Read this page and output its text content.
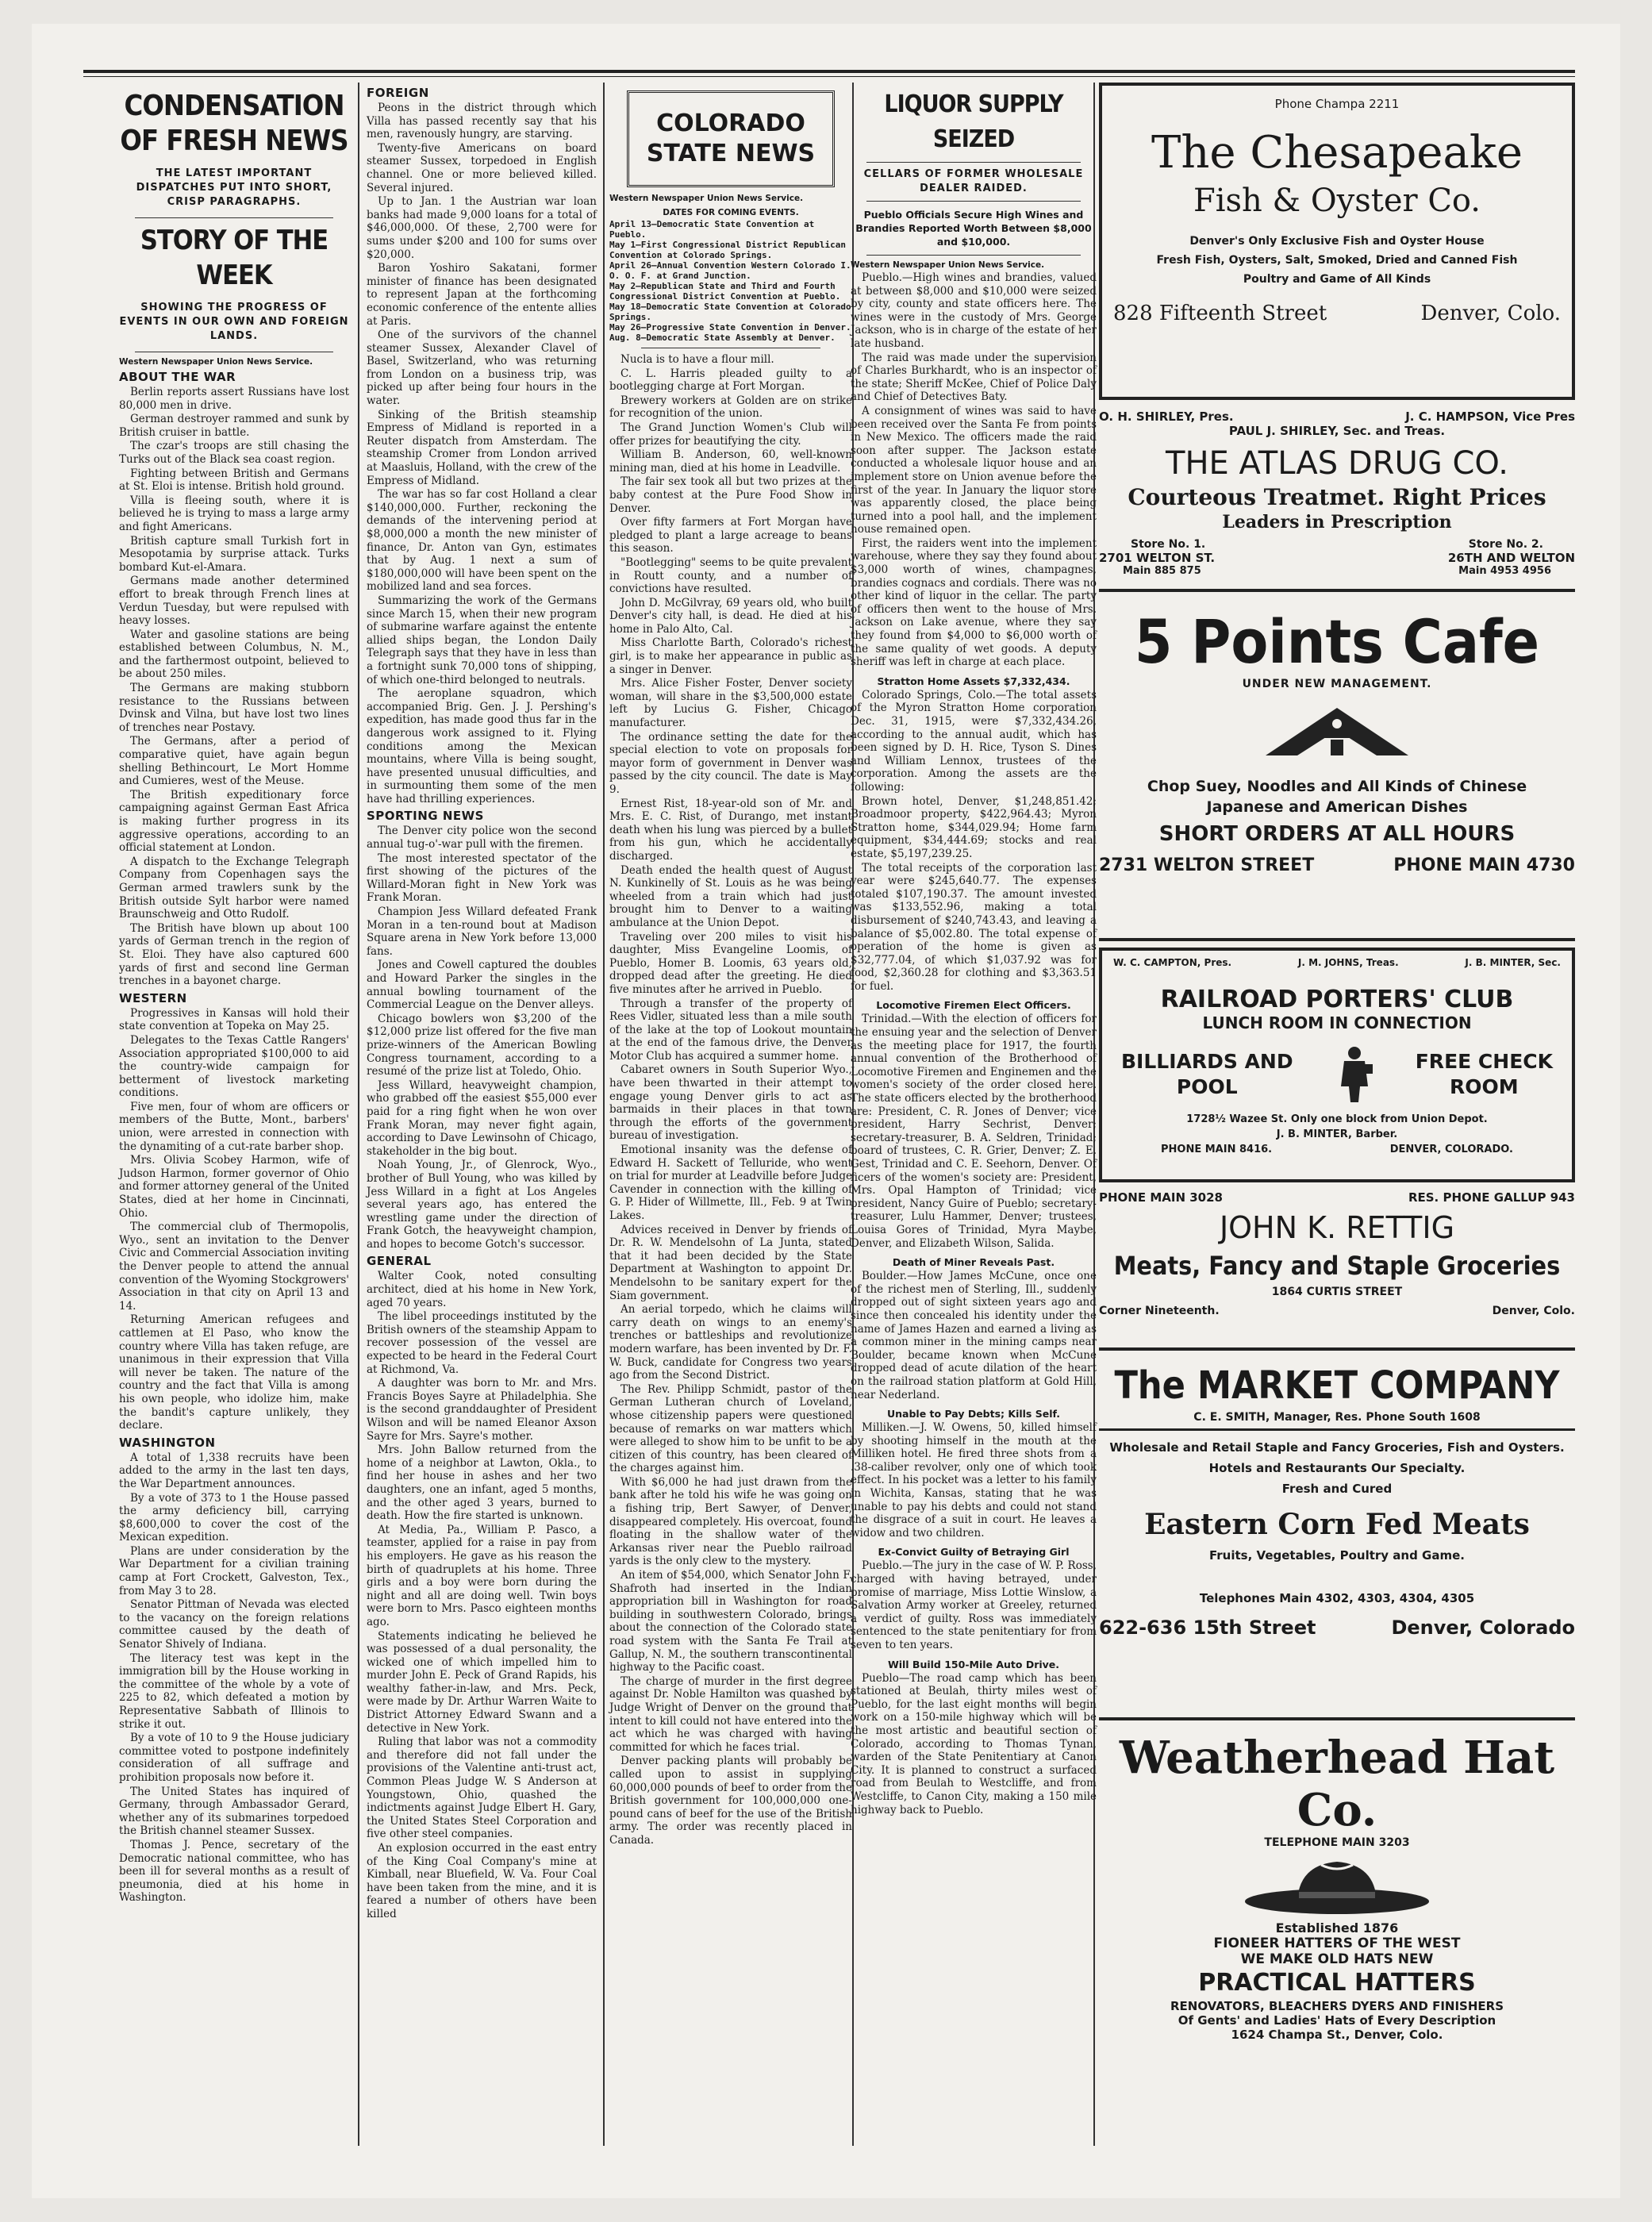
CONDENSATION OF FRESH NEWS
THE LATEST IMPORTANT DISPATCHES PUT INTO SHORT, CRISP PARAGRAPHS.
STORY OF THE WEEK
SHOWING THE PROGRESS OF EVENTS IN OUR OWN AND FOREIGN LANDS.
Western Newspaper Union News Service.
ABOUT THE WAR

Berlin reports assert Russians have lost 80,000 men in drive.

German destroyer rammed and sunk by British cruiser in battle.

The czar's troops are still chasing the Turks out of the Black sea coast region.

Fighting between British and Germans at St. Eloi is intense. British hold ground.

Villa is fleeing south, where it is believed he is trying to mass a large army and fight Americans.

British capture small Turkish fort in Mesopotamia by surprise attack. Turks bombard Kut-el-Amara.

Germans made another determined effort to break through French lines at Verdun Tuesday, but were repulsed with heavy losses.

Water and gasoline stations are being established between Columbus, N. M., and the farthermost outpoint, believed to be about 250 miles.

The Germans are making stubborn resistance to the Russians between Dvinsk and Vilna, but have lost two lines of trenches near Postavy.

The Germans, after a period of comparative quiet, have again begun shelling Bethincourt, Le Mort Homme and Cumieres, west of the Meuse.

The British expeditionary force campaigning against German East Africa is making further progress in its aggressive operations, according to an official statement at London.

A dispatch to the Exchange Telegraph Company from Copenhagen says the German armed trawlers sunk by the British outside Sylt harbor were named Braunschweig and Otto Rudolf.

The British have blown up about 100 yards of German trench in the region of St. Eloi. They have also captured 600 yards of first and second line German trenches in a bayonet charge.

WESTERN

Progressives in Kansas will hold their state convention at Topeka on May 25.

Delegates to the Texas Cattle Rangers' Association appropriated $100,000 to aid the country-wide campaign for betterment of livestock marketing conditions.

Five men, four of whom are officers or members of the Butte, Mont., barbers' union, were arrested in connection with the dynamiting of a cut-rate barber shop.

Mrs. Olivia Scobey Harmon, wife of Judson Harmon, former governor of Ohio and former attorney general of the United States, died at her home in Cincinnati, Ohio.

The commercial club of Thermopolis, Wyo., sent an invitation to the Denver Civic and Commercial Association inviting the Denver people to attend the annual convention of the Wyoming Stockgrowers' Association in that city on April 13 and 14.

Returning American refugees and cattlemen at El Paso, who know the country where Villa has taken refuge, are unanimous in their expression that Villa will never be taken. The nature of the country and the fact that Villa is among his own people, who idolize him, make the bandit's capture unlikely, they declare.

WASHINGTON

A total of 1,338 recruits have been added to the army in the last ten days, the War Department announces.

By a vote of 373 to 1 the House passed the army deficiency bill, carrying $8,600,000 to cover the cost of the Mexican expedition.

Plans are under consideration by the War Department for a civilian training camp at Fort Crockett, Galveston, Tex., from May 3 to 28.

Senator Pittman of Nevada was elected to the vacancy on the foreign relations committee caused by the death of Senator Shively of Indiana.

The literacy test was kept in the immigration bill by the House working in the committee of the whole by a vote of 225 to 82, which defeated a motion by Representative Sabbath of Illinois to strike it out.

By a vote of 10 to 9 the House judiciary committee voted to postpone indefinitely consideration of all suffrage and prohibition proposals now before it.

The United States has inquired of Germany, through Ambassador Gerard, whether any of its submarines torpedoed the British channel steamer Sussex.

Thomas J. Pence, secretary of the Democratic national committee, who has been ill for several months as a result of pneumonia, died at his home in Washington.

FOREIGN

Peons in the district through which Villa has passed recently say that his men, ravenously hungry, are starving.

Twenty-five Americans on board steamer Sussex, torpedoed in English channel. One or more believed killed. Several injured.

Up to Jan. 1 the Austrian war loan banks had made 9,000 loans for a total of $46,000,000. Of these, 2,700 were for sums under $200 and 100 for sums over $20,000.

Baron Yoshiro Sakatani, former minister of finance has been designated to represent Japan at the forthcoming economic conference of the entente allies at Paris.

One of the survivors of the channel steamer Sussex, Alexander Clavel of Basel, Switzerland, who was returning from London on a business trip, was picked up after being four hours in the water.

Sinking of the British steamship Empress of Midland is reported in a Reuter dispatch from Amsterdam. The steamship Cromer from London arrived at Maasluis, Holland, with the crew of the Empress of Midland.

The war has so far cost Holland a clear $140,000,000. Further, reckoning the demands of the intervening period at $8,000,000 a month the new minister of finance, Dr. Anton van Gyn, estimates that by Aug. 1 next a sum of $180,000,000 will have been spent on the mobilized land and sea forces.

Summarizing the work of the Germans since March 15, when their new program of submarine warfare against the entente allied ships began, the London Daily Telegraph says that they have in less than a fortnight sunk 70,000 tons of shipping, of which one-third belonged to neutrals.

The aeroplane squadron, which accompanied Brig. Gen. J. J. Pershing's expedition, has made good thus far in the dangerous work assigned to it. Flying conditions among the Mexican mountains, where Villa is being sought, have presented unusual difficulties, and in surmounting them some of the men have had thrilling experiences.

SPORTING NEWS

The Denver city police won the second annual tug-o'-war pull with the firemen.

The most interested spectator of the first showing of the pictures of the Willard-Moran fight in New York was Frank Moran.

Champion Jess Willard defeated Frank Moran in a ten-round bout at Madison Square arena in New York before 13,000 fans.

Jones and Cowell captured the doubles and Howard Parker the singles in the annual bowling tournament of the Commercial League on the Denver alleys.

Chicago bowlers won $3,200 of the $12,000 prize list offered for the five man prize-winners of the American Bowling Congress tournament, according to a resumé of the prize list at Toledo, Ohio.

Jess Willard, heavyweight champion, who grabbed off the easiest $55,000 ever paid for a ring fight when he won over Frank Moran, may never fight again, according to Dave Lewinsohn of Chicago, stakeholder in the big bout.

Noah Young, Jr., of Glenrock, Wyo., brother of Bull Young, who was killed by Jess Willard in a fight at Los Angeles several years ago, has entered the wrestling game under the direction of Frank Gotch, the heavyweight champion, and hopes to become Gotch's successor.

GENERAL

Walter Cook, noted consulting architect, died at his home in New York, aged 70 years.

The libel proceedings instituted by the British owners of the steamship Appam to recover possession of the vessel are expected to be heard in the Federal Court at Richmond, Va.

A daughter was born to Mr. and Mrs. Francis Boyes Sayre at Philadelphia. She is the second granddaughter of President Wilson and will be named Eleanor Axson Sayre for Mrs. Sayre's mother.

Mrs. John Ballow returned from the home of a neighbor at Lawton, Okla., to find her house in ashes and her two daughters, one an infant, aged 5 months, and the other aged 3 years, burned to death. How the fire started is unknown.

At Media, Pa., William P. Pasco, a teamster, applied for a raise in pay from his employers. He gave as his reason the birth of quadruplets at his home. Three girls and a boy were born during the night and all are doing well. Twin boys were born to Mrs. Pasco eighteen months ago.

Statements indicating he believed he was possessed of a dual personality, the wicked one of which impelled him to murder John E. Peck of Grand Rapids, his wealthy father-in-law, and Mrs. Peck, were made by Dr. Arthur Warren Waite to District Attorney Edward Swann and a detective in New York.

Ruling that labor was not a commodity and therefore did not fall under the provisions of the Valentine anti-trust act, Common Pleas Judge W. S Anderson at Youngstown, Ohio, quashed the indictments against Judge Elbert H. Gary, the United States Steel Corporation and five other steel companies.

An explosion occurred in the east entry of the King Coal Company's mine at Kimball, near Bluefield, W. Va. Four Coal have been taken from the mine, and it is feared a number of others have been killed

COLORADO
STATE NEWS
Western Newspaper Union News Service.
DATES FOR COMING EVENTS.
April 13—Democratic State Convention at Pueblo.
May 1—First Congressional District Republican Convention at Colorado Springs.
April 26—Annual Convention Western Colorado I. O. O. F. at Grand Junction.
May 2—Republican State and Third and Fourth Congressional District Convention at Pueblo.
May 18—Democratic State Convention at Colorado Springs.
May 26—Progressive State Convention in Denver.
Aug. 8—Democratic State Assembly at Denver.

Nucla is to have a flour mill.

C. L. Harris pleaded guilty to a bootlegging charge at Fort Morgan.

Brewery workers at Golden are on strike for recognition of the union.

The Grand Junction Women's Club will offer prizes for beautifying the city.

William B. Anderson, 60, well-known mining man, died at his home in Leadville.

The fair sex took all but two prizes at the baby contest at the Pure Food Show in Denver.

Over fifty farmers at Fort Morgan have pledged to plant a large acreage to beans this season.

"Bootlegging" seems to be quite prevalent in Routt county, and a number of convictions have resulted.

John D. McGilvray, 69 years old, who built Denver's city hall, is dead. He died at his home in Palo Alto, Cal.

Miss Charlotte Barth, Colorado's richest girl, is to make her appearance in public as a singer in Denver.

Mrs. Alice Fisher Foster, Denver society woman, will share in the $3,500,000 estate left by Lucius G. Fisher, Chicago manufacturer.

The ordinance setting the date for the special election to vote on proposals for mayor form of government in Denver was passed by the city council. The date is May 9.

Ernest Rist, 18-year-old son of Mr. and Mrs. E. C. Rist, of Durango, met instant death when his lung was pierced by a bullet from his gun, which he accidentally discharged.

Death ended the health quest of August N. Kunkinelly of St. Louis as he was being wheeled from a train which had just brought him to Denver to a waiting ambulance at the Union Depot.

Traveling over 200 miles to visit his daughter, Miss Evangeline Loomis, of Pueblo, Homer B. Loomis, 63 years old, dropped dead after the greeting. He died five minutes after he arrived in Pueblo.

Through a transfer of the property of Rees Vidler, situated less than a mile south of the lake at the top of Lookout mountain at the end of the famous drive, the Denver Motor Club has acquired a summer home.

Cabaret owners in South Superior Wyo., have been thwarted in their attempt to engage young Denver girls to act as barmaids in their places in that town through the efforts of the government bureau of investigation.

Emotional insanity was the defense of Edward H. Sackett of Telluride, who went on trial for murder at Leadville before Judge Cavender in connection with the killing of G. P. Hider of Willmette, Ill., Feb. 9 at Twin Lakes.

Advices received in Denver by friends of Dr. R. W. Mendelsohn of La Junta, stated that it had been decided by the State Department at Washington to appoint Dr. Mendelsohn to be sanitary expert for the Siam government.

An aerial torpedo, which he claims will carry death on wings to an enemy's trenches or battleships and revolutionize modern warfare, has been invented by Dr. F. W. Buck, candidate for Congress two years ago from the Second District.

The Rev. Philipp Schmidt, pastor of the German Lutheran church of Loveland, whose citizenship papers were questioned because of remarks on war matters which were alleged to show him to be unfit to be a citizen of this country, has been cleared of the charges against him.

With $6,000 he had just drawn from the bank after he told his wife he was going on a fishing trip, Bert Sawyer, of Denver, disappeared completely. His overcoat, found floating in the shallow water of the Arkansas river near the Pueblo railroad yards is the only clew to the mystery.

An item of $54,000, which Senator John F. Shafroth had inserted in the Indian appropriation bill in Washington for road building in southwestern Colorado, brings about the connection of the Colorado state road system with the Santa Fe Trail at Gallup, N. M., the southern transcontinental highway to the Pacific coast.

The charge of murder in the first degree against Dr. Noble Hamilton was quashed by Judge Wright of Denver on the ground that intent to kill could not have entered into the act which he was charged with having committed for which he faces trial.

Denver packing plants will probably be called upon to assist in supplying 60,000,000 pounds of beef to order from the British government for 100,000,000 one-pound cans of beef for the use of the British army. The order was recently placed in Canada.

LIQUOR SUPPLY SEIZED
CELLARS OF FORMER WHOLESALE DEALER RAIDED.
Pueblo Officials Secure High Wines and Brandies Reported Worth Between $8,000 and $10,000.
Western Newspaper Union News Service.

Pueblo.—High wines and brandies, valued at between $8,000 and $10,000 were seized by city, county and state officers here. The wines were in the custody of Mrs. George Jackson, who is in charge of the estate of her late husband.

The raid was made under the supervision of Charles Burkhardt, who is an inspector of the state; Sheriff McKee, Chief of Police Daly and Chief of Detectives Baty.

A consignment of wines was said to have been received over the Santa Fe from points in New Mexico. The officers made the raid soon after supper. The Jackson estate conducted a wholesale liquor house and an implement store on Union avenue before the first of the year. In January the liquor store was apparently closed, the place being turned into a pool hall, and the implement house remained open.

First, the raiders went into the implement warehouse, where they say they found about $3,000 worth of wines, champagnes, brandies cognacs and cordials. There was no other kind of liquor in the cellar. The party of officers then went to the house of Mrs. Jackson on Lake avenue, where they say they found from $4,000 to $6,000 worth of the same quality of wet goods. A deputy sheriff was left in charge at each place.

Stratton Home Assets $7,332,434.

Colorado Springs, Colo.—The total assets of the Myron Stratton Home corporation Dec. 31, 1915, were $7,332,434.26, according to the annual audit, which has been signed by D. H. Rice, Tyson S. Dines and William Lennox, trustees of the corporation. Among the assets are the following:

Brown hotel, Denver, $1,248,851.42; Broadmoor property, $422,964.43; Myron Stratton home, $344,029.94; Home farm equipment, $34,444.69; stocks and real estate, $5,197,239.25.

The total receipts of the corporation last year were $245,640.77. The expenses totaled $107,190.37. The amount invested was $133,552.96, making a total disbursement of $240,743.43, and leaving a balance of $5,002.80. The total expense of operation of the home is given as $32,777.04, of which $1,037.92 was for food, $2,360.28 for clothing and $3,363.51 for fuel.

Locomotive Firemen Elect Officers.

Trinidad.—With the election of officers for the ensuing year and the selection of Denver as the meeting place for 1917, the fourth annual convention of the Brotherhood of Locomotive Firemen and Enginemen and the women's society of the order closed here. The state officers elected by the brotherhood are: President, C. R. Jones of Denver; vice president, Harry Sechrist, Denver; secretary-treasurer, B. A. Seldren, Trinidad; board of trustees, C. R. Grier, Denver; Z. E. Gest, Trinidad and C. E. Seehorn, Denver. Of ficers of the women's society are: President, Mrs. Opal Hampton of Trinidad; vice president, Nancy Guire of Pueblo; secretary-treasurer, Lulu Hammer, Denver; trustees, Louisa Gores of Trinidad, Myra Maybe, Denver, and Elizabeth Wilson, Salida.

Death of Miner Reveals Past.

Boulder.—How James McCune, once one of the richest men of Sterling, Ill., suddenly dropped out of sight sixteen years ago and since then concealed his identity under the name of James Hazen and earned a living as a common miner in the mining camps near Boulder, became known when McCune dropped dead of acute dilation of the heart on the railroad station platform at Gold Hill, near Nederland.

Unable to Pay Debts; Kills Self.

Milliken.—J. W. Owens, 50, killed himself by shooting himself in the mouth at the Milliken hotel. He fired three shots from a .38-caliber revolver, only one of which took effect. In his pocket was a letter to his family in Wichita, Kansas, stating that he was unable to pay his debts and could not stand the disgrace of a suit in court. He leaves a widow and two children.

Ex-Convict Guilty of Betraying Girl

Pueblo.—The jury in the case of W. P. Ross, charged with having betrayed, under promise of marriage, Miss Lottie Winslow, a Salvation Army worker at Greeley, returned a verdict of guilty. Ross was immediately sentenced to the state penitentiary for from seven to ten years.

Will Build 150-Mile Auto Drive.

Pueblo—The road camp which has been stationed at Beulah, thirty miles west of Pueblo, for the last eight months will begin work on a 150-mile highway which will be the most artistic and beautiful section of Colorado, according to Thomas Tynan, warden of the State Penitentiary at Canon City. It is planned to construct a surfaced road from Beulah to Westcliffe, and from Westcliffe, to Canon City, making a 150 mile highway back to Pueblo.

Phone Champa 2211
The Chesapeake
Fish & Oyster Co.
Denver's Only Exclusive Fish and Oyster House
Fresh Fish, Oysters, Salt, Smoked, Dried and Canned Fish
Poultry and Game of All Kinds
828 Fifteenth Street	Denver, Colo.
O. H. SHIRLEY, Pres.	J. C. HAMPSON, Vice Pres
PAUL J. SHIRLEY, Sec. and Treas.
THE ATLAS DRUG CO.
Courteous Treatmet. Right Prices
Leaders in Prescription
Store No. 1.	Store No. 2.
2701 WELTON ST.	26TH AND WELTON
Main 885 875	Main 4953 4956
5 Points Cafe
UNDER NEW MANAGEMENT.
Chop Suey, Noodles and All Kinds of Chinese
Japanese and American Dishes
SHORT ORDERS AT ALL HOURS
2731 WELTON STREET	PHONE MAIN 4730
W. C. CAMPTON, Pres.	J. M. JOHNS, Treas.	J. B. MINTER, Sec.
RAILROAD PORTERS' CLUB
LUNCH ROOM IN CONNECTION
BILLIARDS AND
POOL
FREE CHECK
ROOM
1728½ Wazee St. Only one block from Union Depot.
J. B. MINTER, Barber.
PHONE MAIN 8416.	DENVER, COLORADO.
PHONE MAIN 3028	RES. PHONE GALLUP 943
JOHN K. RETTIG
Meats, Fancy and Staple Groceries
1864 CURTIS STREET
Corner Nineteenth.	Denver, Colo.
The MARKET COMPANY
C. E. SMITH, Manager, Res. Phone South 1608
Wholesale and Retail Staple and Fancy Groceries, Fish and Oysters.
Hotels and Restaurants Our Specialty.
Fresh and Cured
Eastern Corn Fed Meats
Fruits, Vegetables, Poultry and Game.
Telephones Main 4302, 4303, 4304, 4305
622-636 15th Street	Denver, Colorado
Weatherhead Hat Co.
TELEPHONE MAIN 3203
Established 1876
FIONEER HATTERS OF THE WEST
WE MAKE OLD HATS NEW
PRACTICAL HATTERS
RENOVATORS, BLEACHERS DYERS AND FINISHERS
Of Gents' and Ladies' Hats of Every Description
1624 Champa St., Denver, Colo.
